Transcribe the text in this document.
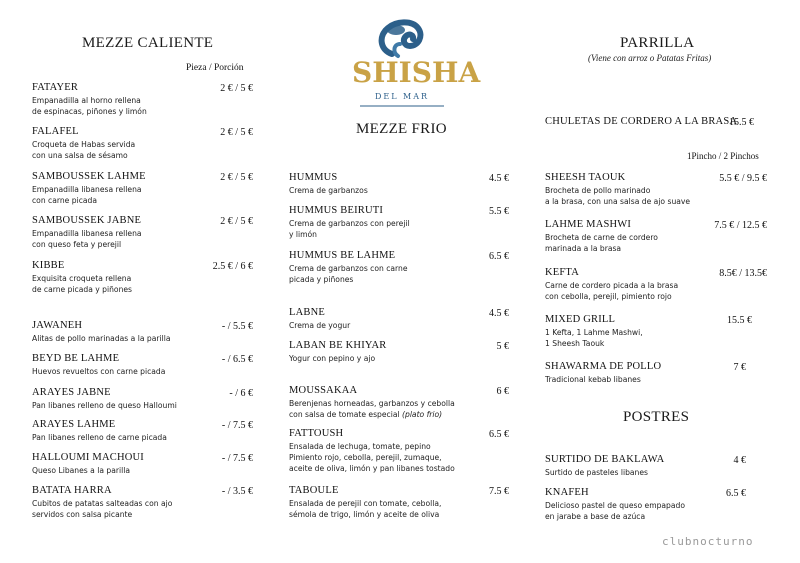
SHISHA
DEL MAR
MEZZE CALIENTE
Pieza / Porción
FATAYER
Empanadilla al horno rellena
de espinacas, piñones y limón
2 € / 5 €
FALAFEL
Croqueta de Habas servida
con una salsa de sésamo
2 € / 5 €
SAMBOUSSEK LAHME
Empanadilla libanesa rellena
con carne picada
2 € / 5 €
SAMBOUSSEK JABNE
Empanadilla libanesa rellena
con queso feta y perejil
2 € / 5 €
KIBBE
Exquisita croqueta rellena
de carne picada y piñones
2.5 € / 6 €
JAWANEH
Alitas de pollo marinadas a la parilla
- / 5.5 €
BEYD BE LAHME
Huevos revueltos con carne picada
- / 6.5 €
ARAYES JABNE
Pan libanes relleno de queso Halloumi
- / 6 €
ARAYES LAHME
Pan libanes relleno de carne picada
- / 7.5 €
HALLOUMI MACHOUI
Queso Libanes a la parilla
- / 7.5 €
BATATA HARRA
Cubitos de patatas salteadas con ajo
servidos con salsa picante
- / 3.5 €
MEZZE FRIO
HUMMUS
Crema de garbanzos
4.5 €
HUMMUS BEIRUTI
Crema de garbanzos con perejil
y limón
5.5 €
HUMMUS BE LAHME
Crema de garbanzos con carne
picada y piñones
6.5 €
LABNE
Crema de yogur
4.5 €
LABAN BE KHIYAR
Yogur con pepino y ajo
5 €
MOUSSAKAA
Berenjenas horneadas, garbanzos y cebolla
con salsa de tomate especial (plato frio)
6 €
FATTOUSH
Ensalada de lechuga, tomate, pepino
Pimiento rojo, cebolla, perejil, zumaque,
aceite de oliva, limón y pan libanes tostado
6.5 €
TABOULE
Ensalada de perejil con tomate, cebolla,
sémola de trigo, limón y aceite de oliva
7.5 €
PARRILLA
(Viene con arroz o Patatas Fritas)
1Pincho / 2 Pinchos
CHULETAS DE CORDERO A LA BRASA
15.5 €
SHEESH TAOUK
Brocheta de pollo marinado
a la brasa, con una salsa de ajo suave
5.5 € / 9.5 €
LAHME MASHWI
Brocheta de carne de cordero
marinada a la brasa
7.5 € / 12.5 €
KEFTA
Carne de cordero picada a la brasa
con cebolla, perejil, pimiento rojo
8.5€ / 13.5€
MIXED GRILL
1 Kefta, 1 Lahme Mashwi,
1 Sheesh Taouk
15.5 €
SHAWARMA DE POLLO
Tradicional kebab libanes
7 €
POSTRES
SURTIDO DE BAKLAWA
Surtido de pasteles libanes
4 €
KNAFEH
Delicioso pastel de queso empapado
en jarabe a base de azúca
6.5 €
clubnocturno
